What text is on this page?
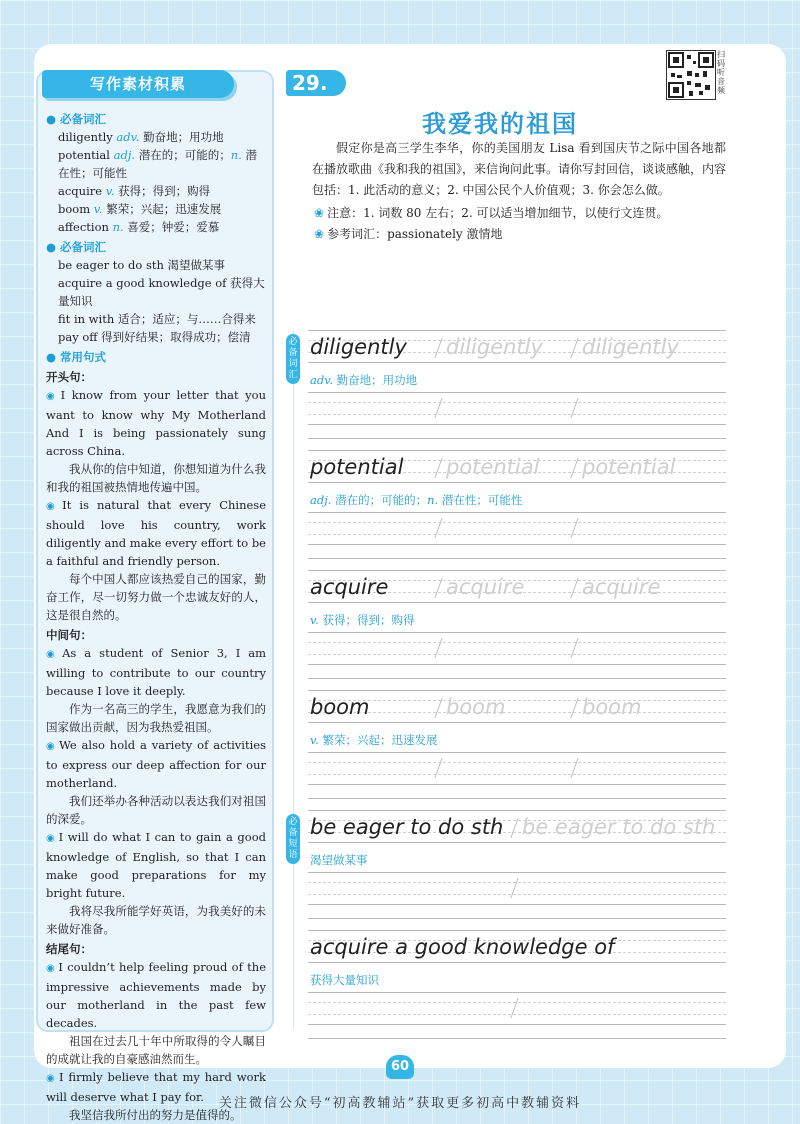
● 必备词汇
diligently adv. 勤奋地；用功地
potential adj. 潜在的；可能的；n. 潜在性；可能性
acquire v. 获得；得到；购得
boom v. 繁荣；兴起；迅速发展
affection n. 喜爱；钟爱；爱慕
● 必备词汇
be eager to do sth 渴望做某事
acquire a good knowledge of 获得大量知识
fit in with 适合；适应；与……合得来
pay off 得到好结果；取得成功；偿清
● 常用句式
开头句：
◉ I know from your letter that you want to know why My Motherland And I is being passionately sung across China.
我从你的信中知道，你想知道为什么我和我的祖国被热情地传遍中国。
◉ It is natural that every Chinese should love his country, work diligently and make every effort to be a faithful and friendly person.
每个中国人都应该热爱自己的国家，勤奋工作，尽一切努力做一个忠诚友好的人，这是很自然的。
中间句：
◉ As a student of Senior 3, I am willing to contribute to our country because I love it deeply.
作为一名高三的学生，我愿意为我们的国家做出贡献，因为我热爱祖国。
◉ We also hold a variety of activities to express our deep affection for our motherland.
我们还举办各种活动以表达我们对祖国的深爱。
◉ I will do what I can to gain a good knowledge of English, so that I can make good preparations for my bright future.
我将尽我所能学好英语，为我美好的未来做好准备。
结尾句：
◉ I couldn’t help feeling proud of the impressive achievements made by our motherland in the past few decades.
祖国在过去几十年中所取得的令人瞩目的成就让我的自豪感油然而生。
◉ I firmly believe that my hard work will deserve what I pay for.
我坚信我所付出的努力是值得的。
写作素材积累	29.
我爱我的祖国
扫码听音频

假定你是高三学生李华，你的美国朋友 Lisa 看到国庆节之际中国各地都在播放歌曲《我和我的祖国》，来信询问此事。请你写封回信，谈谈感触，内容包括：1. 此活动的意义；2. 中国公民个人价值观；3. 你会怎么做。

❀ 注意：1. 词数 80 左右；2. 可以适当增加细节，以使行文连贯。

❀ 参考词汇：passionately 激情地

必备词汇
必备短语
diligently diligently diligently
adv. 勤奋地；用功地
potential potential potential
adj. 潜在的；可能的；n. 潜在性；可能性
acquire	acquire	acquire
v. 获得；得到；购得
boom	boom	boom
v. 繁荣；兴起；迅速发展
be eager to do sth be eager to do sth
渴望做某事
acquire a good knowledge of
获得大量知识
60
关注微信公众号“初高教辅站”获取更多初高中教辅资料
